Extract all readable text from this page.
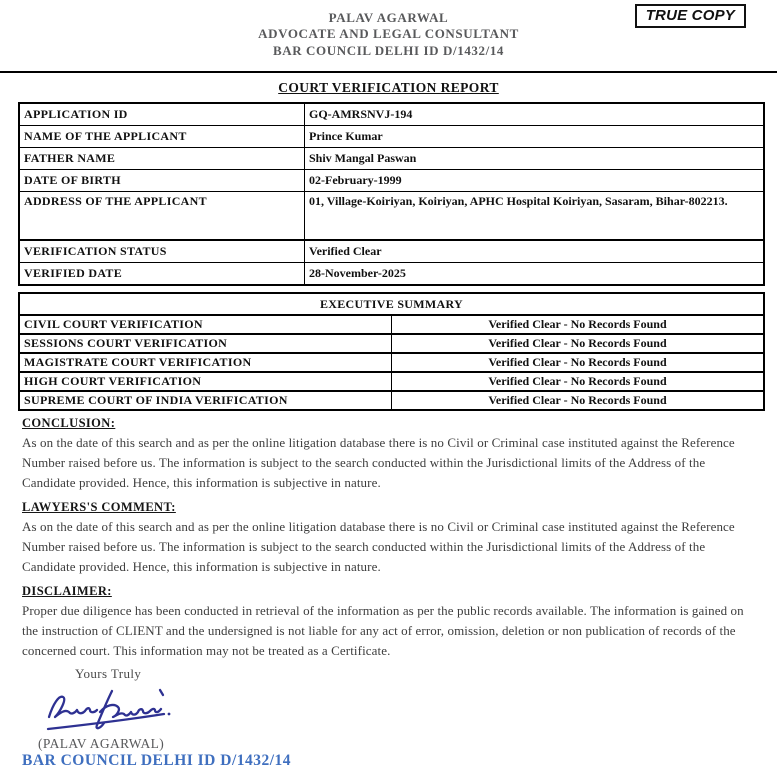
TRUE COPY
PALAV AGARWAL
ADVOCATE AND LEGAL CONSULTANT
BAR COUNCIL DELHI ID D/1432/14
COURT VERIFICATION REPORT
APPLICATION ID	GQ-AMRSNVJ-194
NAME OF THE APPLICANT	Prince Kumar
FATHER NAME	Shiv Mangal Paswan
DATE OF BIRTH	02-February-1999
ADDRESS OF THE APPLICANT	01, Village-Koiriyan, Koiriyan, APHC Hospital Koiriyan, Sasaram, Bihar-802213.
VERIFICATION STATUS	Verified Clear
VERIFIED DATE	28-November-2025
EXECUTIVE SUMMARY	
CIVIL COURT VERIFICATION	Verified Clear - No Records Found
SESSIONS COURT VERIFICATION	Verified Clear - No Records Found
MAGISTRATE COURT VERIFICATION	Verified Clear - No Records Found
HIGH COURT VERIFICATION	Verified Clear - No Records Found
SUPREME COURT OF INDIA VERIFICATION	Verified Clear - No Records Found
CONCLUSION:
As on the date of this search and as per the online litigation database there is no Civil or Criminal case instituted against the Reference Number raised before us. The information is subject to the search conducted within the Jurisdictional limits of the Address of the Candidate provided. Hence, this information is subjective in nature.
LAWYERS'S COMMENT:
As on the date of this search and as per the online litigation database there is no Civil or Criminal case instituted against the Reference Number raised before us. The information is subject to the search conducted within the Jurisdictional limits of the Address of the Candidate provided. Hence, this information is subjective in nature.
DISCLAIMER:
Proper due diligence has been conducted in retrieval of the information as per the public records available. The information is gained on the instruction of CLIENT and the undersigned is not liable for any act of error, omission, deletion or non publication of records of the concerned court. This information may not be treated as a Certificate.
Yours Truly
(PALAV AGARWAL)
BAR COUNCIL DELHI ID D/1432/14
